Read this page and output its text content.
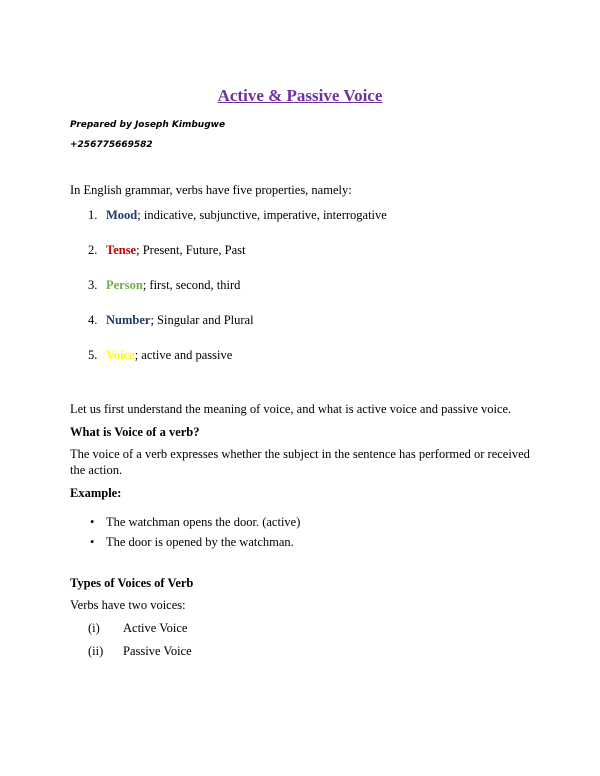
Active & Passive Voice
Prepared by Joseph Kimbugwe
+256775669582
In English grammar, verbs have five properties, namely:
1. Mood; indicative, subjunctive, imperative, interrogative
2. Tense; Present, Future, Past
3. Person; first, second, third
4. Number; Singular and Plural
5. Voice; active and passive
Let us first understand the meaning of voice, and what is active voice and passive voice.
What is Voice of a verb?
The voice of a verb expresses whether the subject in the sentence has performed or received the action.
Example:
• The watchman opens the door. (active)
• The door is opened by the watchman.
Types of Voices of Verb
Verbs have two voices:
(i)	Active Voice
(ii)	Passive Voice
